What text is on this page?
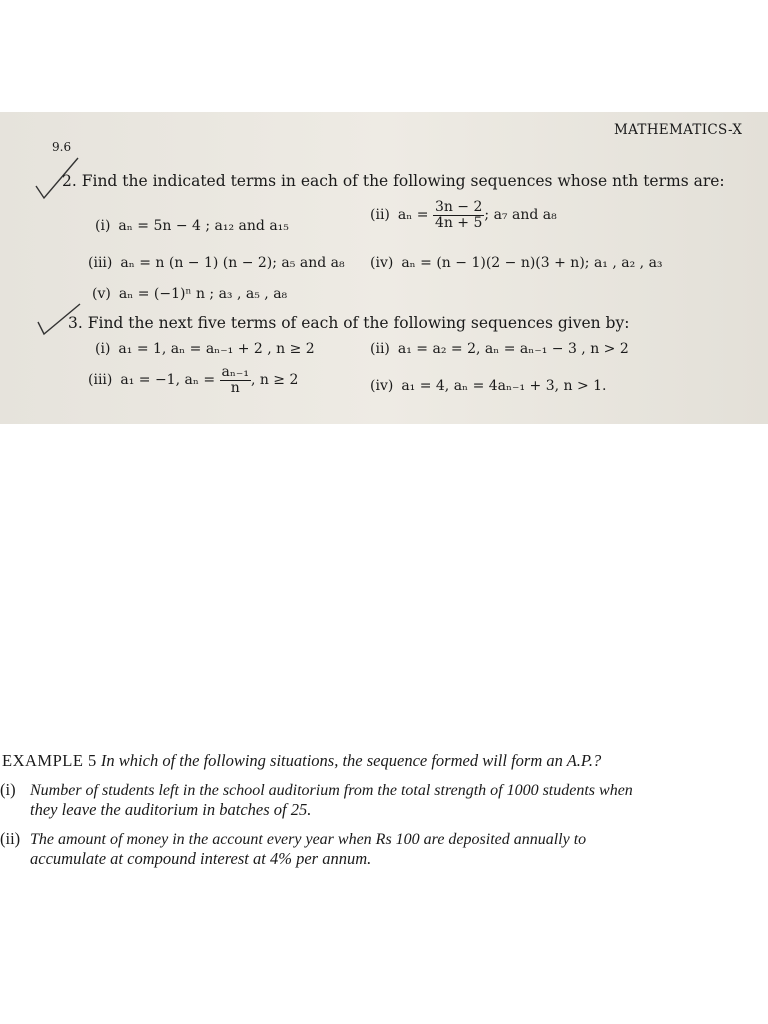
9.6
MATHEMATICS-X
2. Find the indicated terms in each of the following sequences whose nth terms are:
(i) aₙ = 5n − 4 ; a₁₂ and a₁₅
(ii) $a_n = \frac{3n - 2}{4n + 5}$ ; a₇ and a₈
(iii) aₙ = n (n − 1) (n − 2); a₅ and a₈ (iv) aₙ = (n − 1)(2 − n)(3 + n); a₁ , a₂ , a₃
(v) aₙ = (−1)ⁿ n ; a₃ , a₅ , a₈
3. Find the next five terms of each of the following sequences given by:
(i) a₁ = 1, aₙ = aₙ₋₁ + 2 , n ≥ 2	(ii) a₁ = a₂ = 2, aₙ = aₙ₋₁ − 3 , n > 2
(iii) a₁ = −1, $a_n = \frac{\text{aₙ₋₁}}{n}$ , n ≥ 2	(iv) a₁ = 4, aₙ = 4aₙ₋₁ + 3, n > 1.
EXAMPLE 5 In which of the following situations, the sequence formed will form an A.P.?
(i) Number of students left in the school auditorium from the total strength of 1000 students when
they leave the auditorium in batches of 25.
(ii) The amount of money in the account every year when Rs 100 are deposited annually to
accumulate at compound interest at 4% per annum.
